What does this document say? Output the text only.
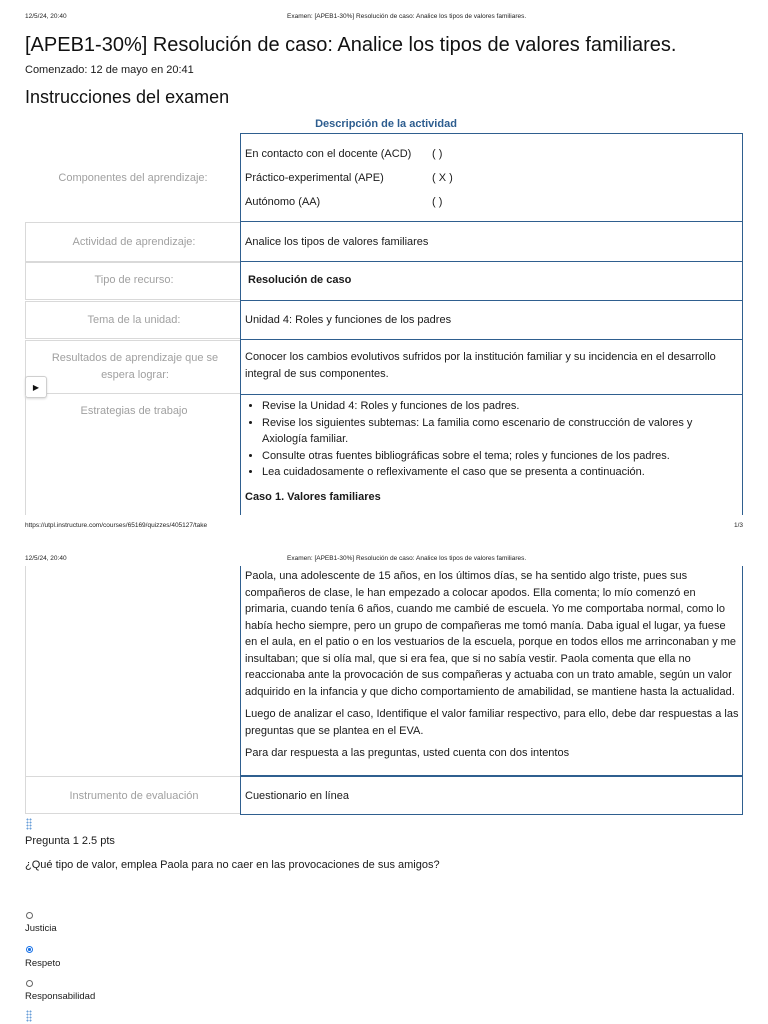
12/5/24, 20:40	Examen: [APEB1-30%] Resolución de caso: Analice los tipos de valores familiares.
[APEB1-30%] Resolución de caso: Analice los tipos de valores familiares.
Comenzado: 12 de mayo en 20:41
Instrucciones del examen
Descripción de la actividad
Componentes del aprendizaje:
En contacto con el docente (ACD) ( )
Práctico-experimental (APE)	( X )
Autónomo (AA)	( )
Actividad de aprendizaje:	Analice los tipos de valores familiares
Tipo de recurso:	Resolución de caso
Tema de la unidad:	Unidad 4: Roles y funciones de los padres
Resultados de aprendizaje que se espera lograr:
Conocer los cambios evolutivos sufridos por la institución familiar y su incidencia en el desarrollo integral de sus componentes.
▶
Estrategias de trabajo
•	Revise la Unidad 4: Roles y funciones de los padres.
• Revise los siguientes subtemas: La familia como escenario de construcción de valores y Axiología familiar.
• Consulte otras fuentes bibliográficas sobre el tema; roles y funciones de los padres.
• Lea cuidadosamente o reflexivamente el caso que se presenta a continuación.
Caso 1. Valores familiares
https://utpl.instructure.com/courses/65169/quizzes/405127/take	1/3
12/5/24, 20:40	Examen: [APEB1-30%] Resolución de caso: Analice los tipos de valores familiares.

Paola, una adolescente de 15 años, en los últimos días, se ha sentido algo triste, pues sus compañeros de clase, le han empezado a colocar apodos. Ella comenta; lo mío comenzó en primaria, cuando tenía 6 años, cuando me cambié de escuela. Yo me comportaba normal, como lo había hecho siempre, pero un grupo de compañeras me tomó manía. Daba igual el lugar, ya fuese en el aula, en el patio o en los vestuarios de la escuela, porque en todos ellos me arrinconaban y me insultaban; que si olía mal, que si era fea, que si no sabía vestir. Paola comenta que ella no reaccionaba ante la provocación de sus compañeras y actuaba con un trato amable, según un valor adquirido en la infancia y que dicho comportamiento de amabilidad, se mantiene hasta la actualidad.

Luego de analizar el caso, Identifique el valor familiar respectivo, para ello, debe dar respuestas a las preguntas que se plantea en el EVA.

Para dar respuesta a las preguntas, usted cuenta con dos intentos

Instrumento de evaluación	Cuestionario en línea
Pregunta 1 2.5 pts
¿Qué tipo de valor, emplea Paola para no caer en las provocaciones de sus amigos?
Justicia
Respeto
Responsabilidad
